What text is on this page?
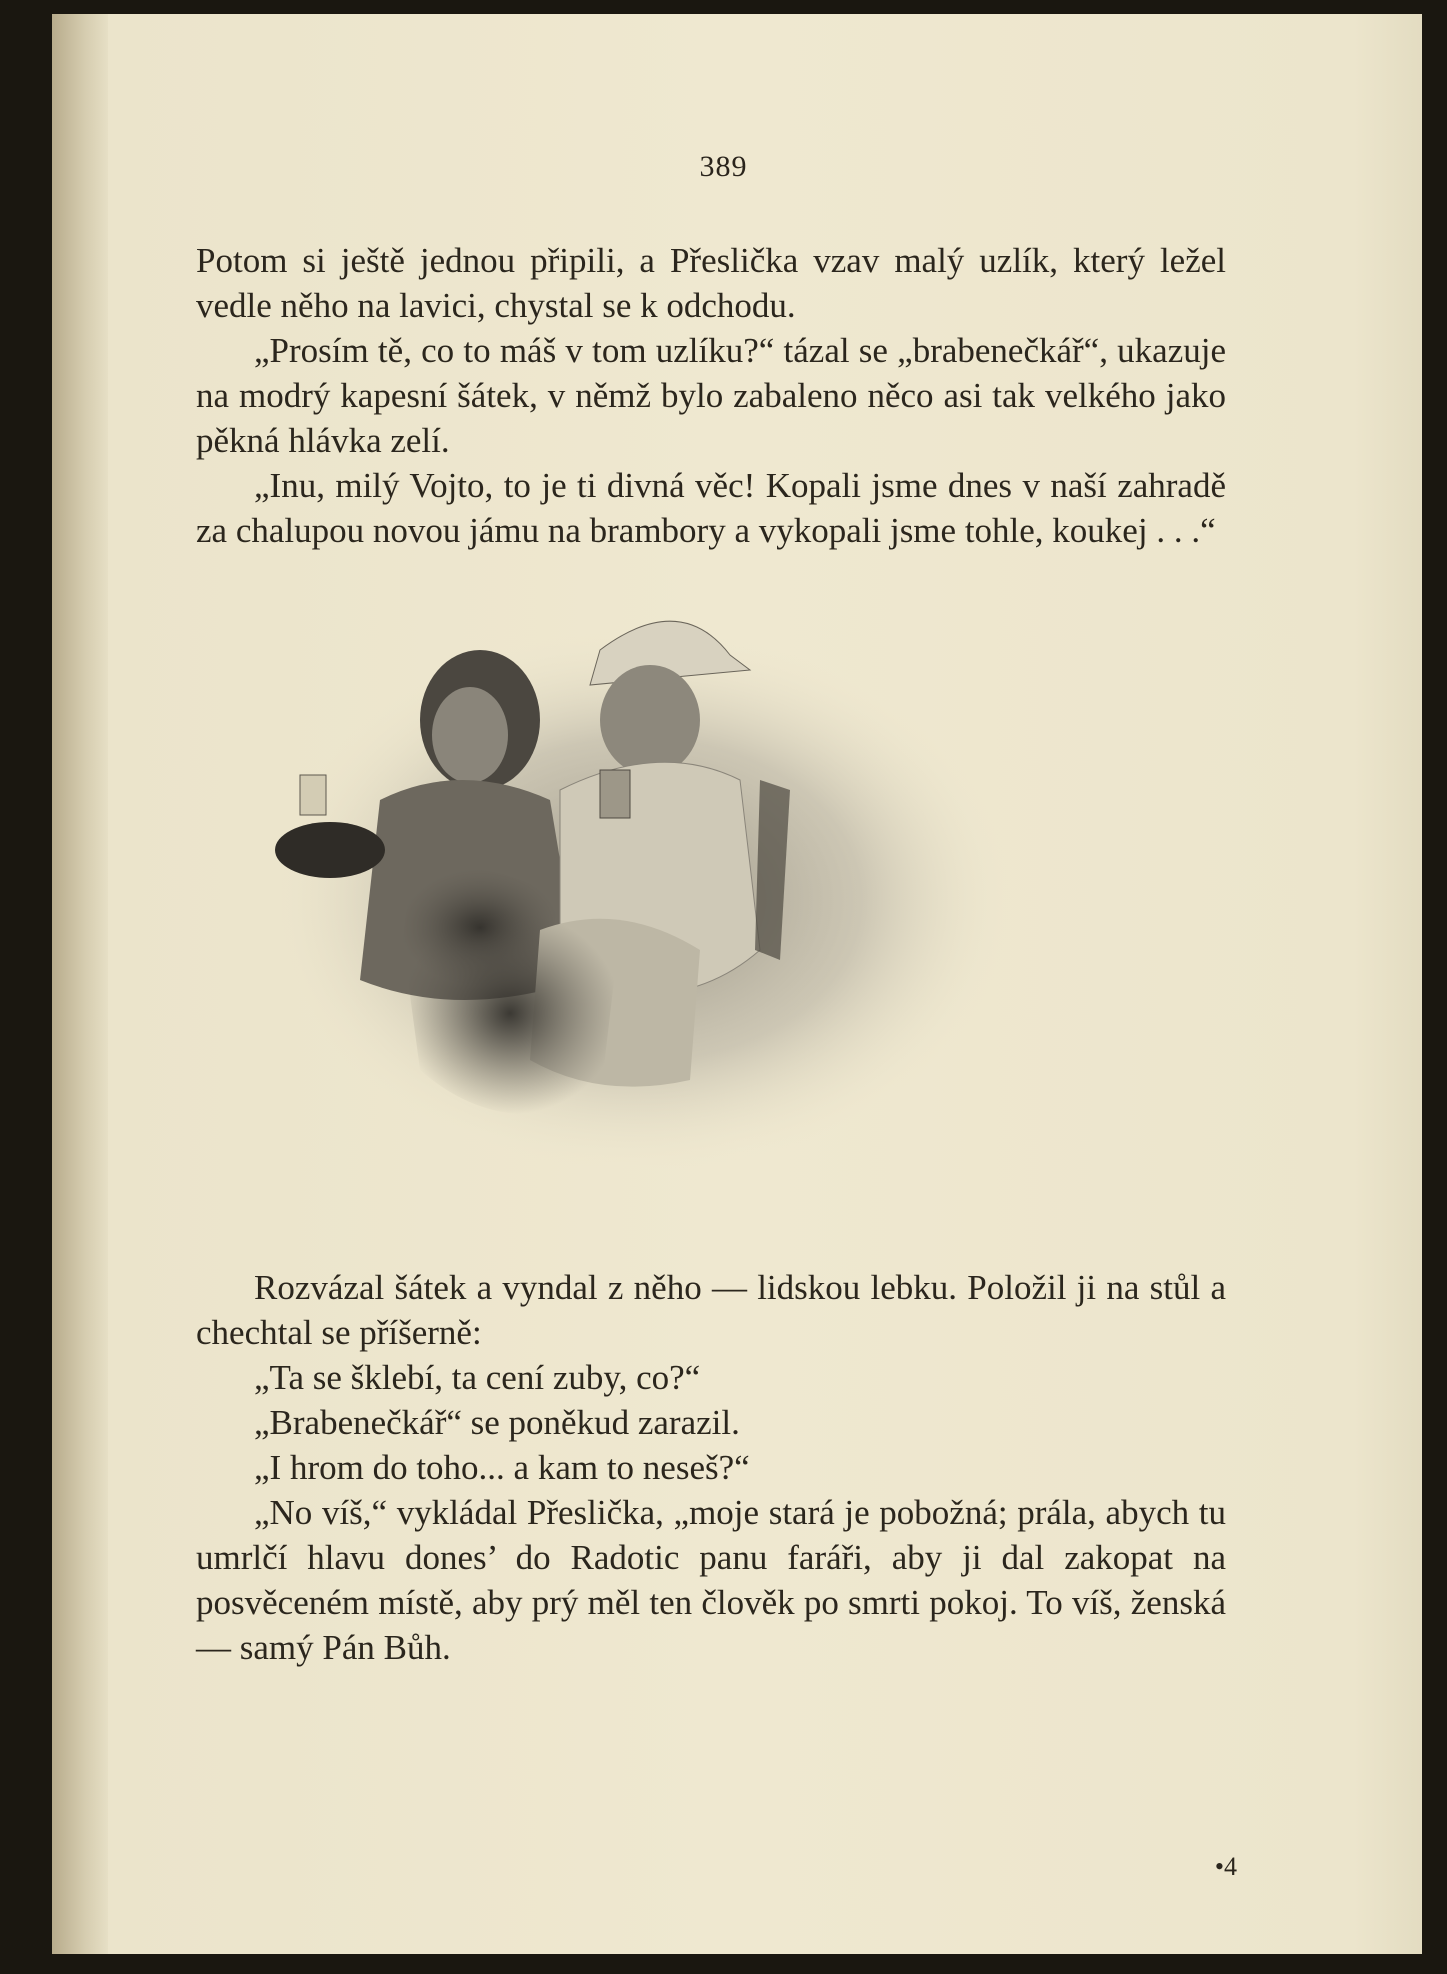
389

Potom si ještě jednou připili, a Přeslička vzav malý uzlík, který ležel vedle něho na lavici, chystal se k odchodu.

„Prosím tě, co to máš v tom uzlíku?“ tázal se „brabenečkář“, ukazuje na modrý kapesní šátek, v němž bylo zabaleno něco asi tak velkého jako pěkná hlávka zelí.

„Inu, milý Vojto, to je ti divná věc! Kopali jsme dnes v naší zahradě za chalupou novou jámu na brambory a vykopali jsme tohle, koukej . . .“

Rozvázal šátek a vyndal z něho — lidskou lebku. Položil ji na stůl a chechtal se příšerně:

„Ta se šklebí, ta cení zuby, co?“

„Brabenečkář“ se poněkud zarazil.

„I hrom do toho... a kam to neseš?“

„No víš,“ vykládal Přeslička, „moje stará je pobožná; prála, abych tu umrlčí hlavu dones’ do Radotic panu faráři, aby ji dal zakopat na posvěceném místě, aby prý měl ten člověk po smrti pokoj. To víš, ženská — samý Pán Bůh.

•4
